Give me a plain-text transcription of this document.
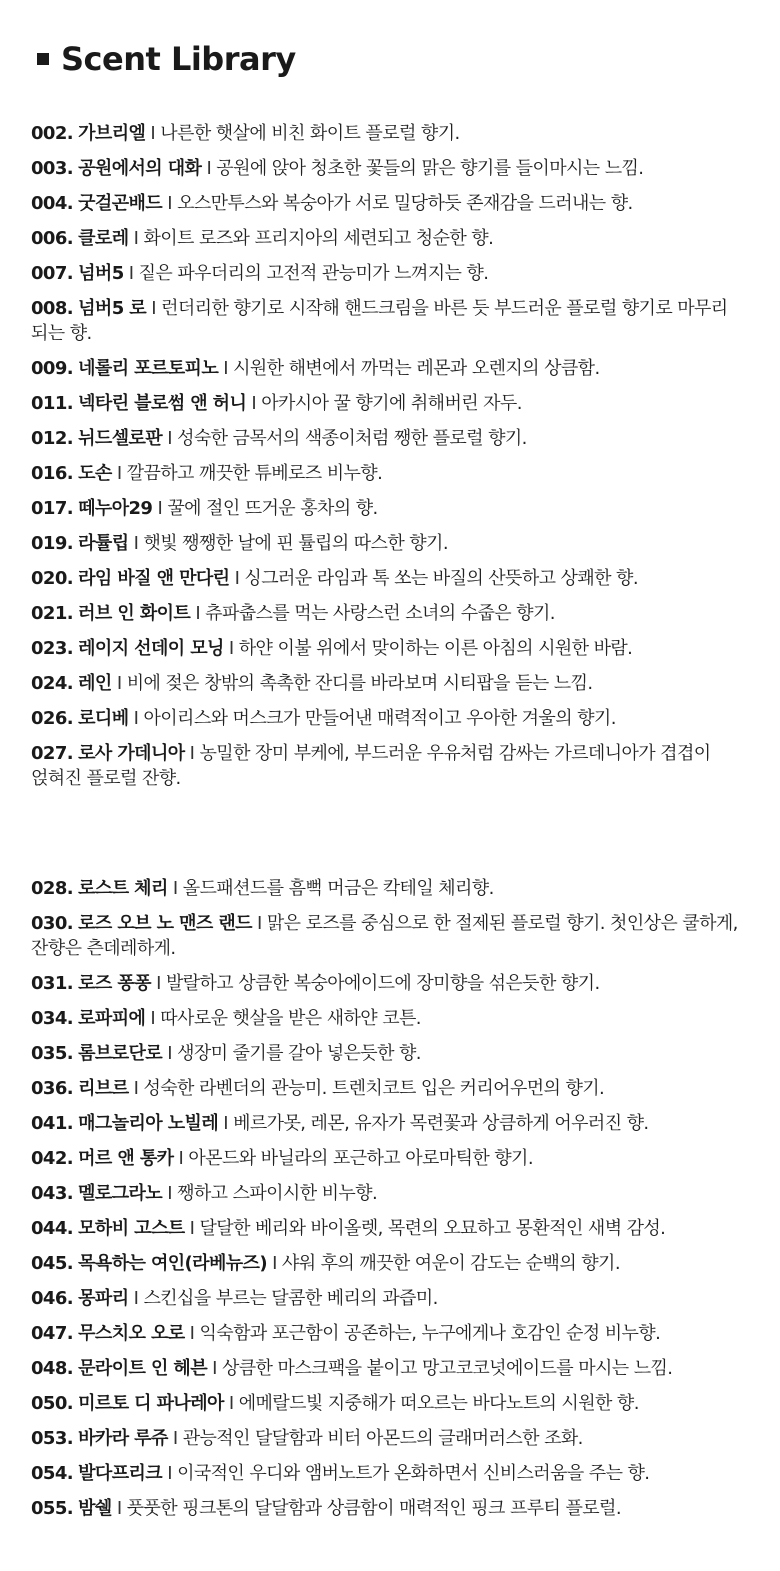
Scent Library
002. 가브리엘 I 나른한 햇살에 비친 화이트 플로럴 향기.
003. 공원에서의 대화 I 공원에 앉아 청초한 꽃들의 맑은 향기를 들이마시는 느낌.
004. 굿걸곤배드 I 오스만투스와 복숭아가 서로 밀당하듯 존재감을 드러내는 향.
006. 클로레 I 화이트 로즈와 프리지아의 세련되고 청순한 향.
007. 넘버5 I 짙은 파우더리의 고전적 관능미가 느껴지는 향.
008. 넘버5 로 I 런더리한 향기로 시작해 핸드크림을 바른 듯 부드러운 플로럴 향기로 마무리 되는 향.
009. 네롤리 포르토피노 I 시원한 해변에서 까먹는 레몬과 오렌지의 상큼함.
011. 넥타린 블로썸 앤 허니 I 아카시아 꿀 향기에 취해버린 자두.
012. 뉘드셀로판 I 성숙한 금목서의 색종이처럼 쨍한 플로럴 향기.
016. 도손 I 깔끔하고 깨끗한 튜베로즈 비누향.
017. 떼누아29 I 꿀에 절인 뜨거운 홍차의 향.
019. 라튤립 I 햇빛 쨍쨍한 날에 핀 튤립의 따스한 향기.
020. 라임 바질 앤 만다린 I 싱그러운 라임과 톡 쏘는 바질의 산뜻하고 상쾌한 향.
021. 러브 인 화이트 I 츄파춥스를 먹는 사랑스런 소녀의 수줍은 향기.
023. 레이지 선데이 모닝 I 하얀 이불 위에서 맞이하는 이른 아침의 시원한 바람.
024. 레인 I 비에 젖은 창밖의 촉촉한 잔디를 바라보며 시티팝을 듣는 느낌.
026. 로디베 I 아이리스와 머스크가 만들어낸 매력적이고 우아한 겨울의 향기.
027. 로사 가데니아 I 농밀한 장미 부케에, 부드러운 우유처럼 감싸는 가르데니아가 겹겹이 얹혀진 플로럴 잔향.
028. 로스트 체리 I 올드패션드를 흠뻑 머금은 칵테일 체리향.
030. 로즈 오브 노 맨즈 랜드 I 맑은 로즈를 중심으로 한 절제된 플로럴 향기. 첫인상은 쿨하게, 잔향은 츤데레하게.
031. 로즈 퐁퐁 I 발랄하고 상큼한 복숭아에이드에 장미향을 섞은듯한 향기.
034. 로파피에 I 따사로운 햇살을 받은 새하얀 코튼.
035. 롬브로단로 I 생장미 줄기를 갈아 넣은듯한 향.
036. 리브르 I 성숙한 라벤더의 관능미. 트렌치코트 입은 커리어우먼의 향기.
041. 매그놀리아 노빌레 I 베르가못, 레몬, 유자가 목련꽃과 상큼하게 어우러진 향.
042. 머르 앤 통카 I 아몬드와 바닐라의 포근하고 아로마틱한 향기.
043. 멜로그라노 I 쨍하고 스파이시한 비누향.
044. 모하비 고스트 I 달달한 베리와 바이올렛, 목련의 오묘하고 몽환적인 새벽 감성.
045. 목욕하는 여인(라베뉴즈) I 샤워 후의 깨끗한 여운이 감도는 순백의 향기.
046. 몽파리 I 스킨십을 부르는 달콤한 베리의 과즙미.
047. 무스치오 오로 I 익숙함과 포근함이 공존하는, 누구에게나 호감인 순정 비누향.
048. 문라이트 인 헤븐 I 상큼한 마스크팩을 붙이고 망고코코넛에이드를 마시는 느낌.
050. 미르토 디 파나레아 I 에메랄드빛 지중해가 떠오르는 바다노트의 시원한 향.
053. 바카라 루쥬 I 관능적인 달달함과 비터 아몬드의 글래머러스한 조화.
054. 발다프리크 I 이국적인 우디와 앰버노트가 온화하면서 신비스러움을 주는 향.
055. 밤쉘 I 풋풋한 핑크톤의 달달함과 상큼함이 매력적인 핑크 프루티 플로럴.
